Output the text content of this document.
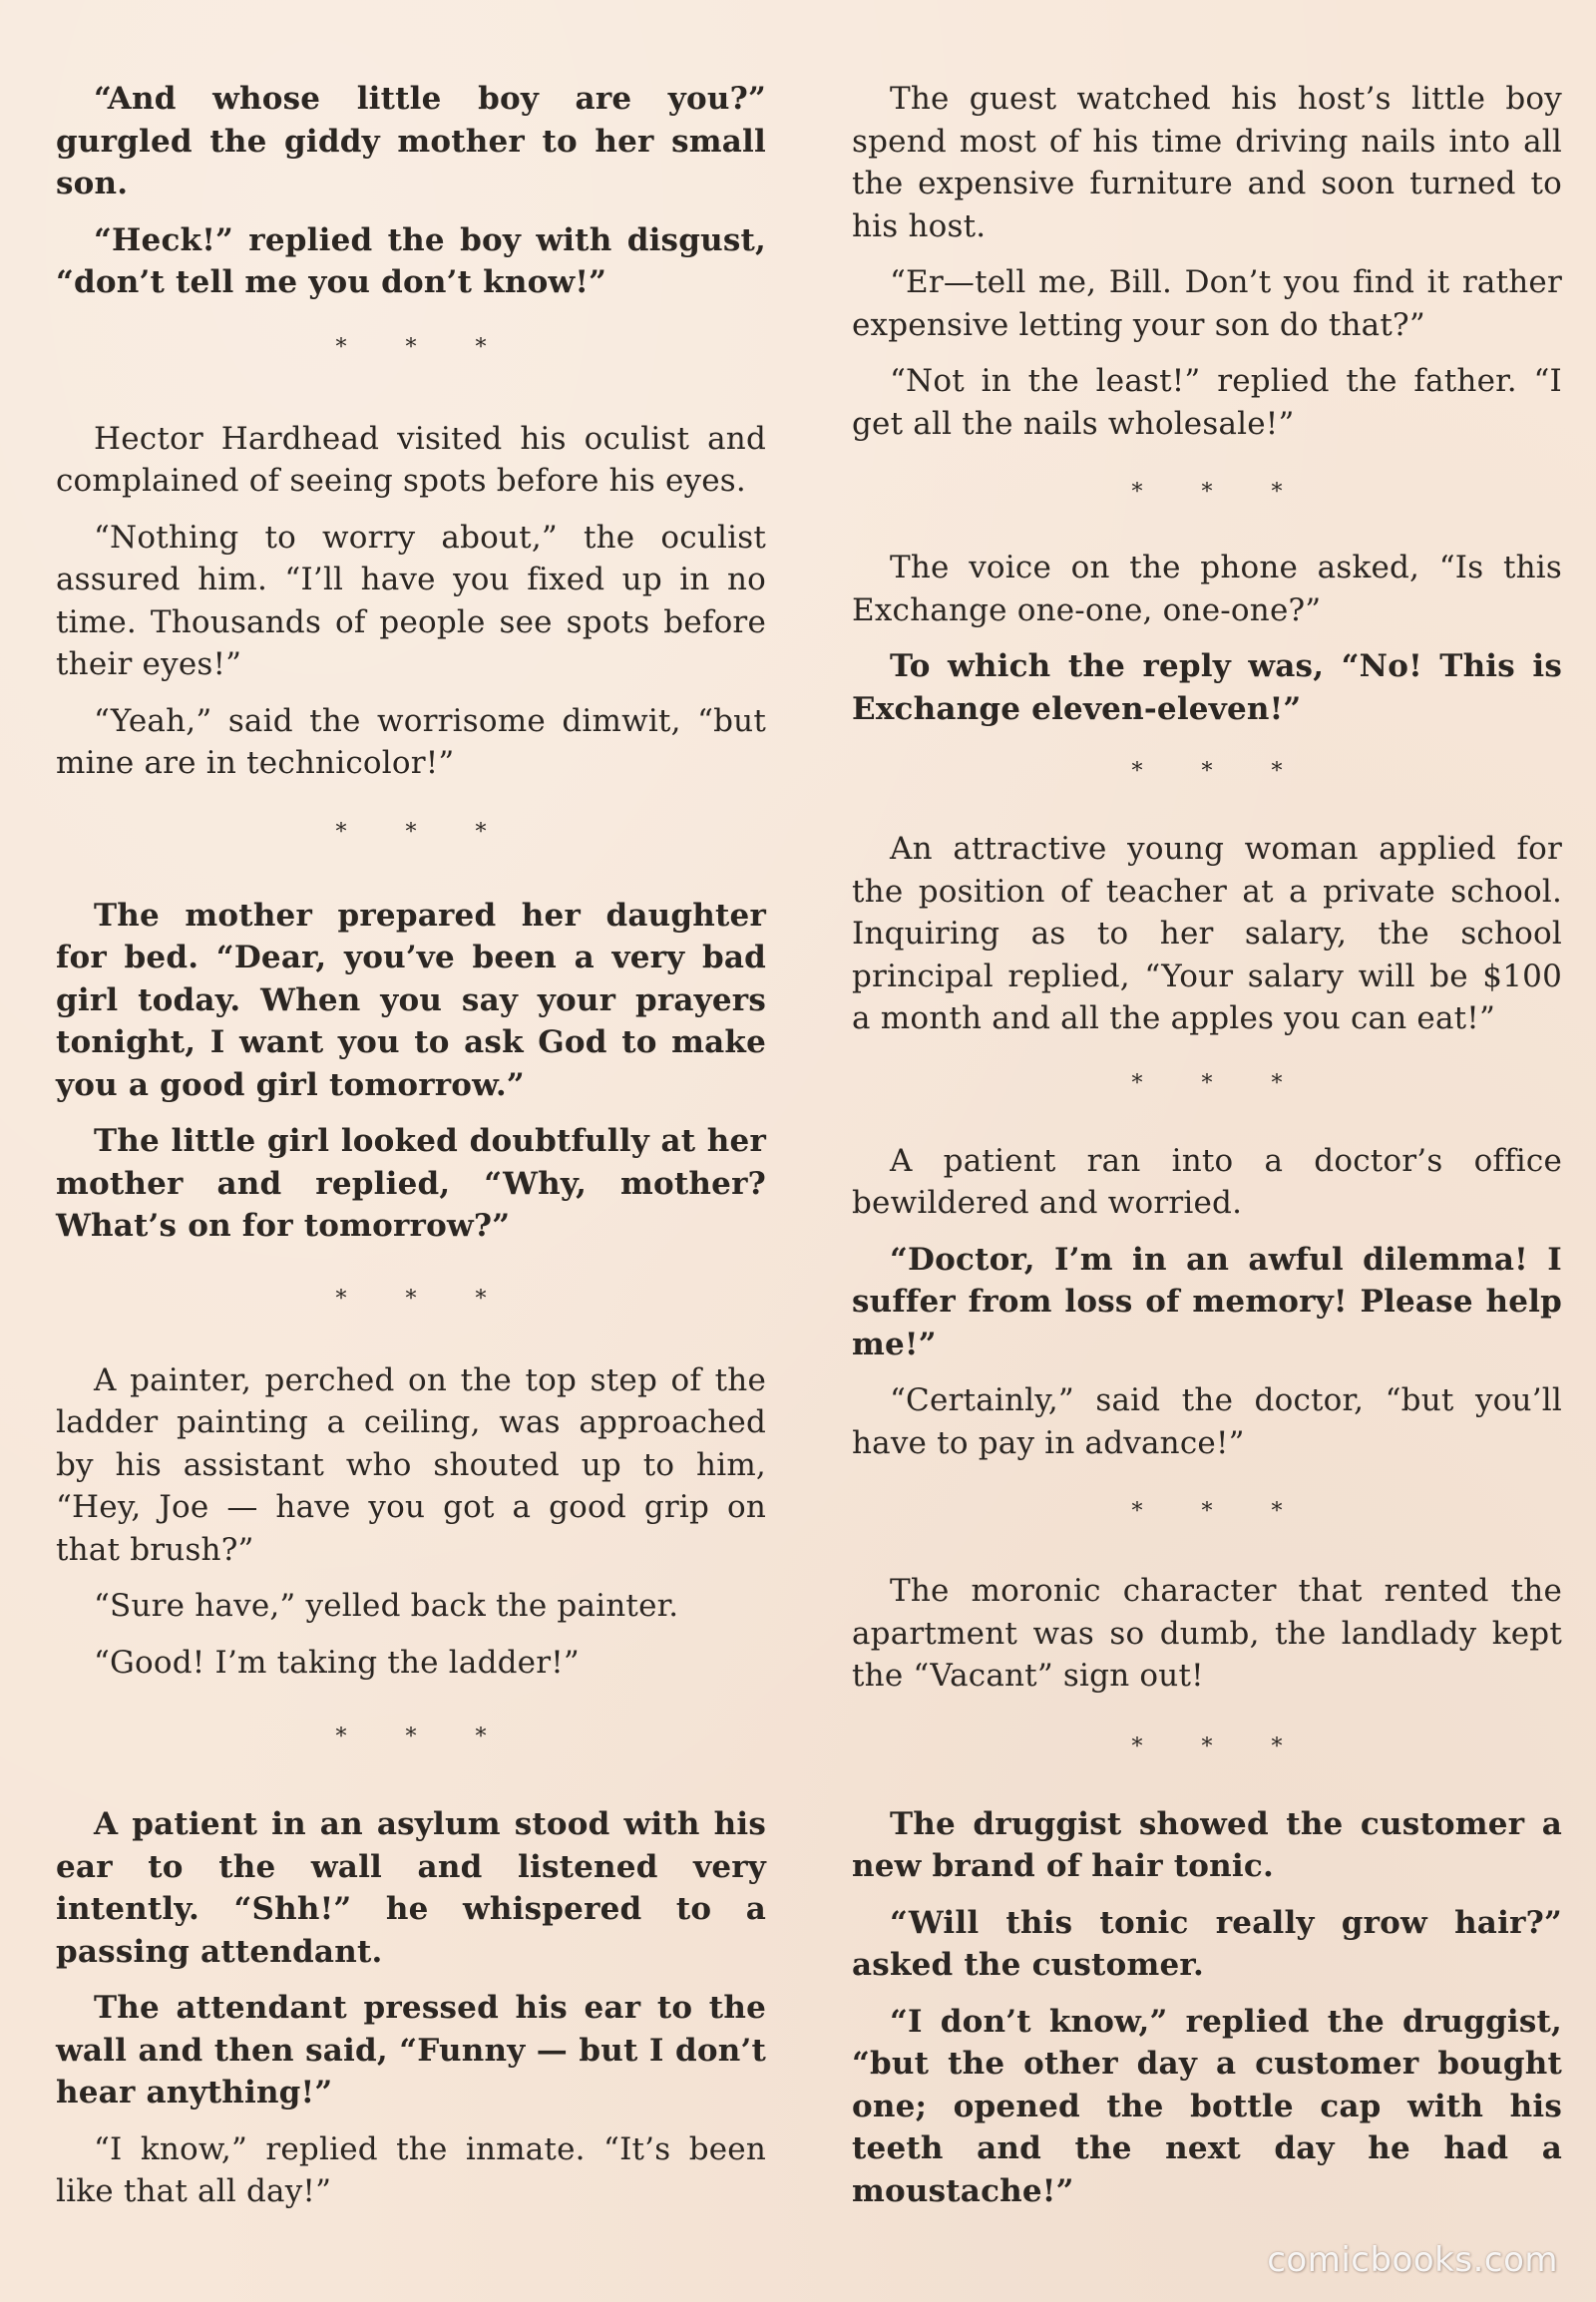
“And whose little boy are you?” gurgled the giddy mother to her small son.

“Heck!” replied the boy with disgust, “don’t tell me you don’t know!”

* * *

Hector Hardhead visited his oculist and complained of seeing spots before his eyes.

“Nothing to worry about,” the oculist assured him. “I’ll have you fixed up in no time. Thousands of people see spots before their eyes!”

“Yeah,” said the worrisome dimwit, “but mine are in technicolor!”

* * *

The mother prepared her daughter for bed. “Dear, you’ve been a very bad girl today. When you say your prayers tonight, I want you to ask God to make you a good girl tomorrow.”

The little girl looked doubtfully at her mother and replied, “Why, mother? What’s on for tomorrow?”

* * *

A painter, perched on the top step of the ladder painting a ceiling, was approached by his assistant who shouted up to him, “Hey, Joe — have you got a good grip on that brush?”

“Sure have,” yelled back the painter.

“Good! I’m taking the ladder!”

* * *

A patient in an asylum stood with his ear to the wall and listened very intently. “Shh!” he whispered to a passing attendant.

The attendant pressed his ear to the wall and then said, “Funny — but I don’t hear anything!”

“I know,” replied the inmate. “It’s been like that all day!”

The guest watched his host’s little boy spend most of his time driving nails into all the expensive furniture and soon turned to his host.

“Er—tell me, Bill. Don’t you find it rather expensive letting your son do that?”

“Not in the least!” replied the father. “I get all the nails wholesale!”

* * *

The voice on the phone asked, “Is this Exchange one-one, one-one?”

To which the reply was, “No! This is Exchange eleven-eleven!”

* * *

An attractive young woman applied for the position of teacher at a private school. Inquiring as to her salary, the school principal replied, “Your salary will be $100 a month and all the apples you can eat!”

* * *

A patient ran into a doctor’s office bewildered and worried.

“Doctor, I’m in an awful dilemma! I suffer from loss of memory! Please help me!”

“Certainly,” said the doctor, “but you’ll have to pay in advance!”

* * *

The moronic character that rented the apartment was so dumb, the landlady kept the “Vacant” sign out!

* * *

The druggist showed the customer a new brand of hair tonic.

“Will this tonic really grow hair?” asked the customer.

“I don’t know,” replied the druggist, “but the other day a customer bought one; opened the bottle cap with his teeth and the next day he had a moustache!”

comicbooks.com
